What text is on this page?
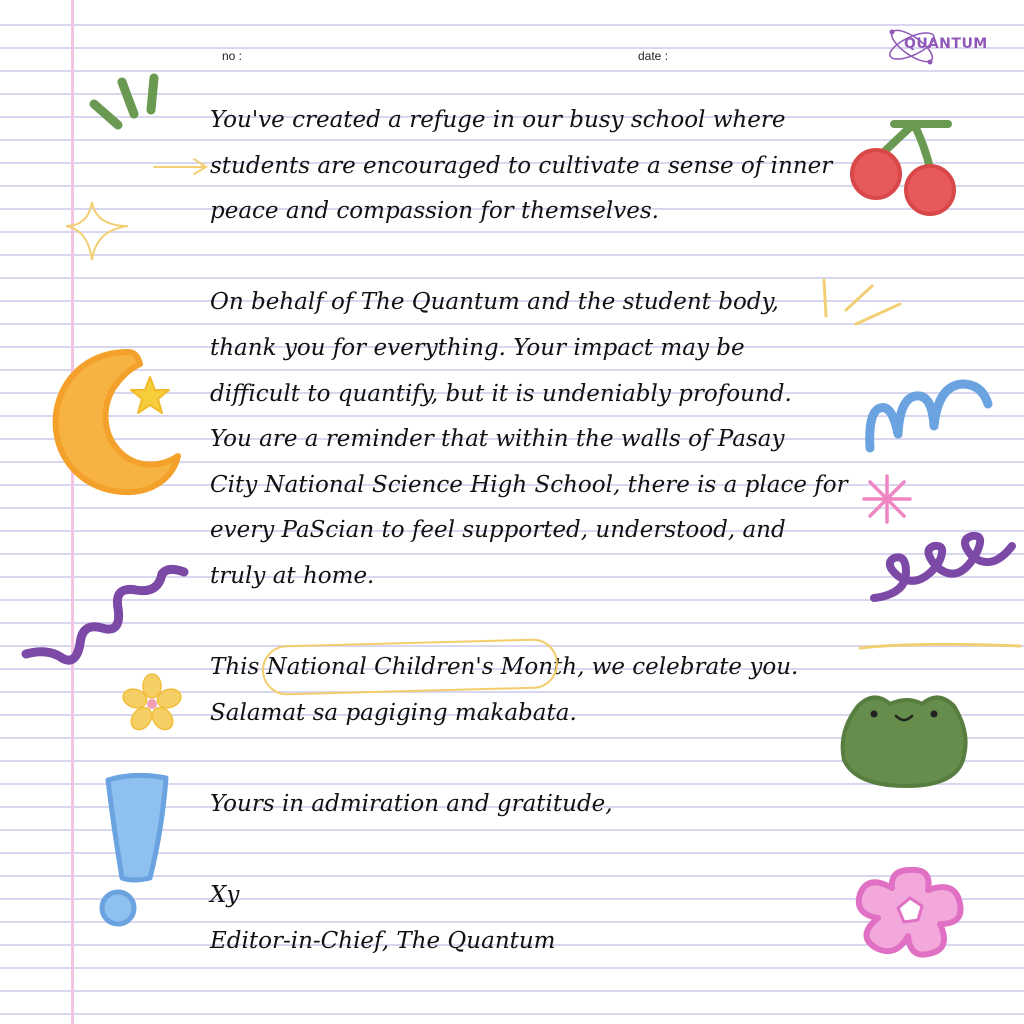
no :	date :
QUANTUM
You've created a refuge in our busy school where
students are encouraged to cultivate a sense of inner
peace and compassion for themselves.
On behalf of The Quantum and the student body,
thank you for everything. Your impact may be
difficult to quantify, but it is undeniably profound.
You are a reminder that within the walls of Pasay
City National Science High School, there is a place for
every PaScian to feel supported, understood, and
truly at home.
This National Children's Month, we celebrate you.
Salamat sa pagiging makabata.
Yours in admiration and gratitude,
Xy
Editor-in-Chief, The Quantum
